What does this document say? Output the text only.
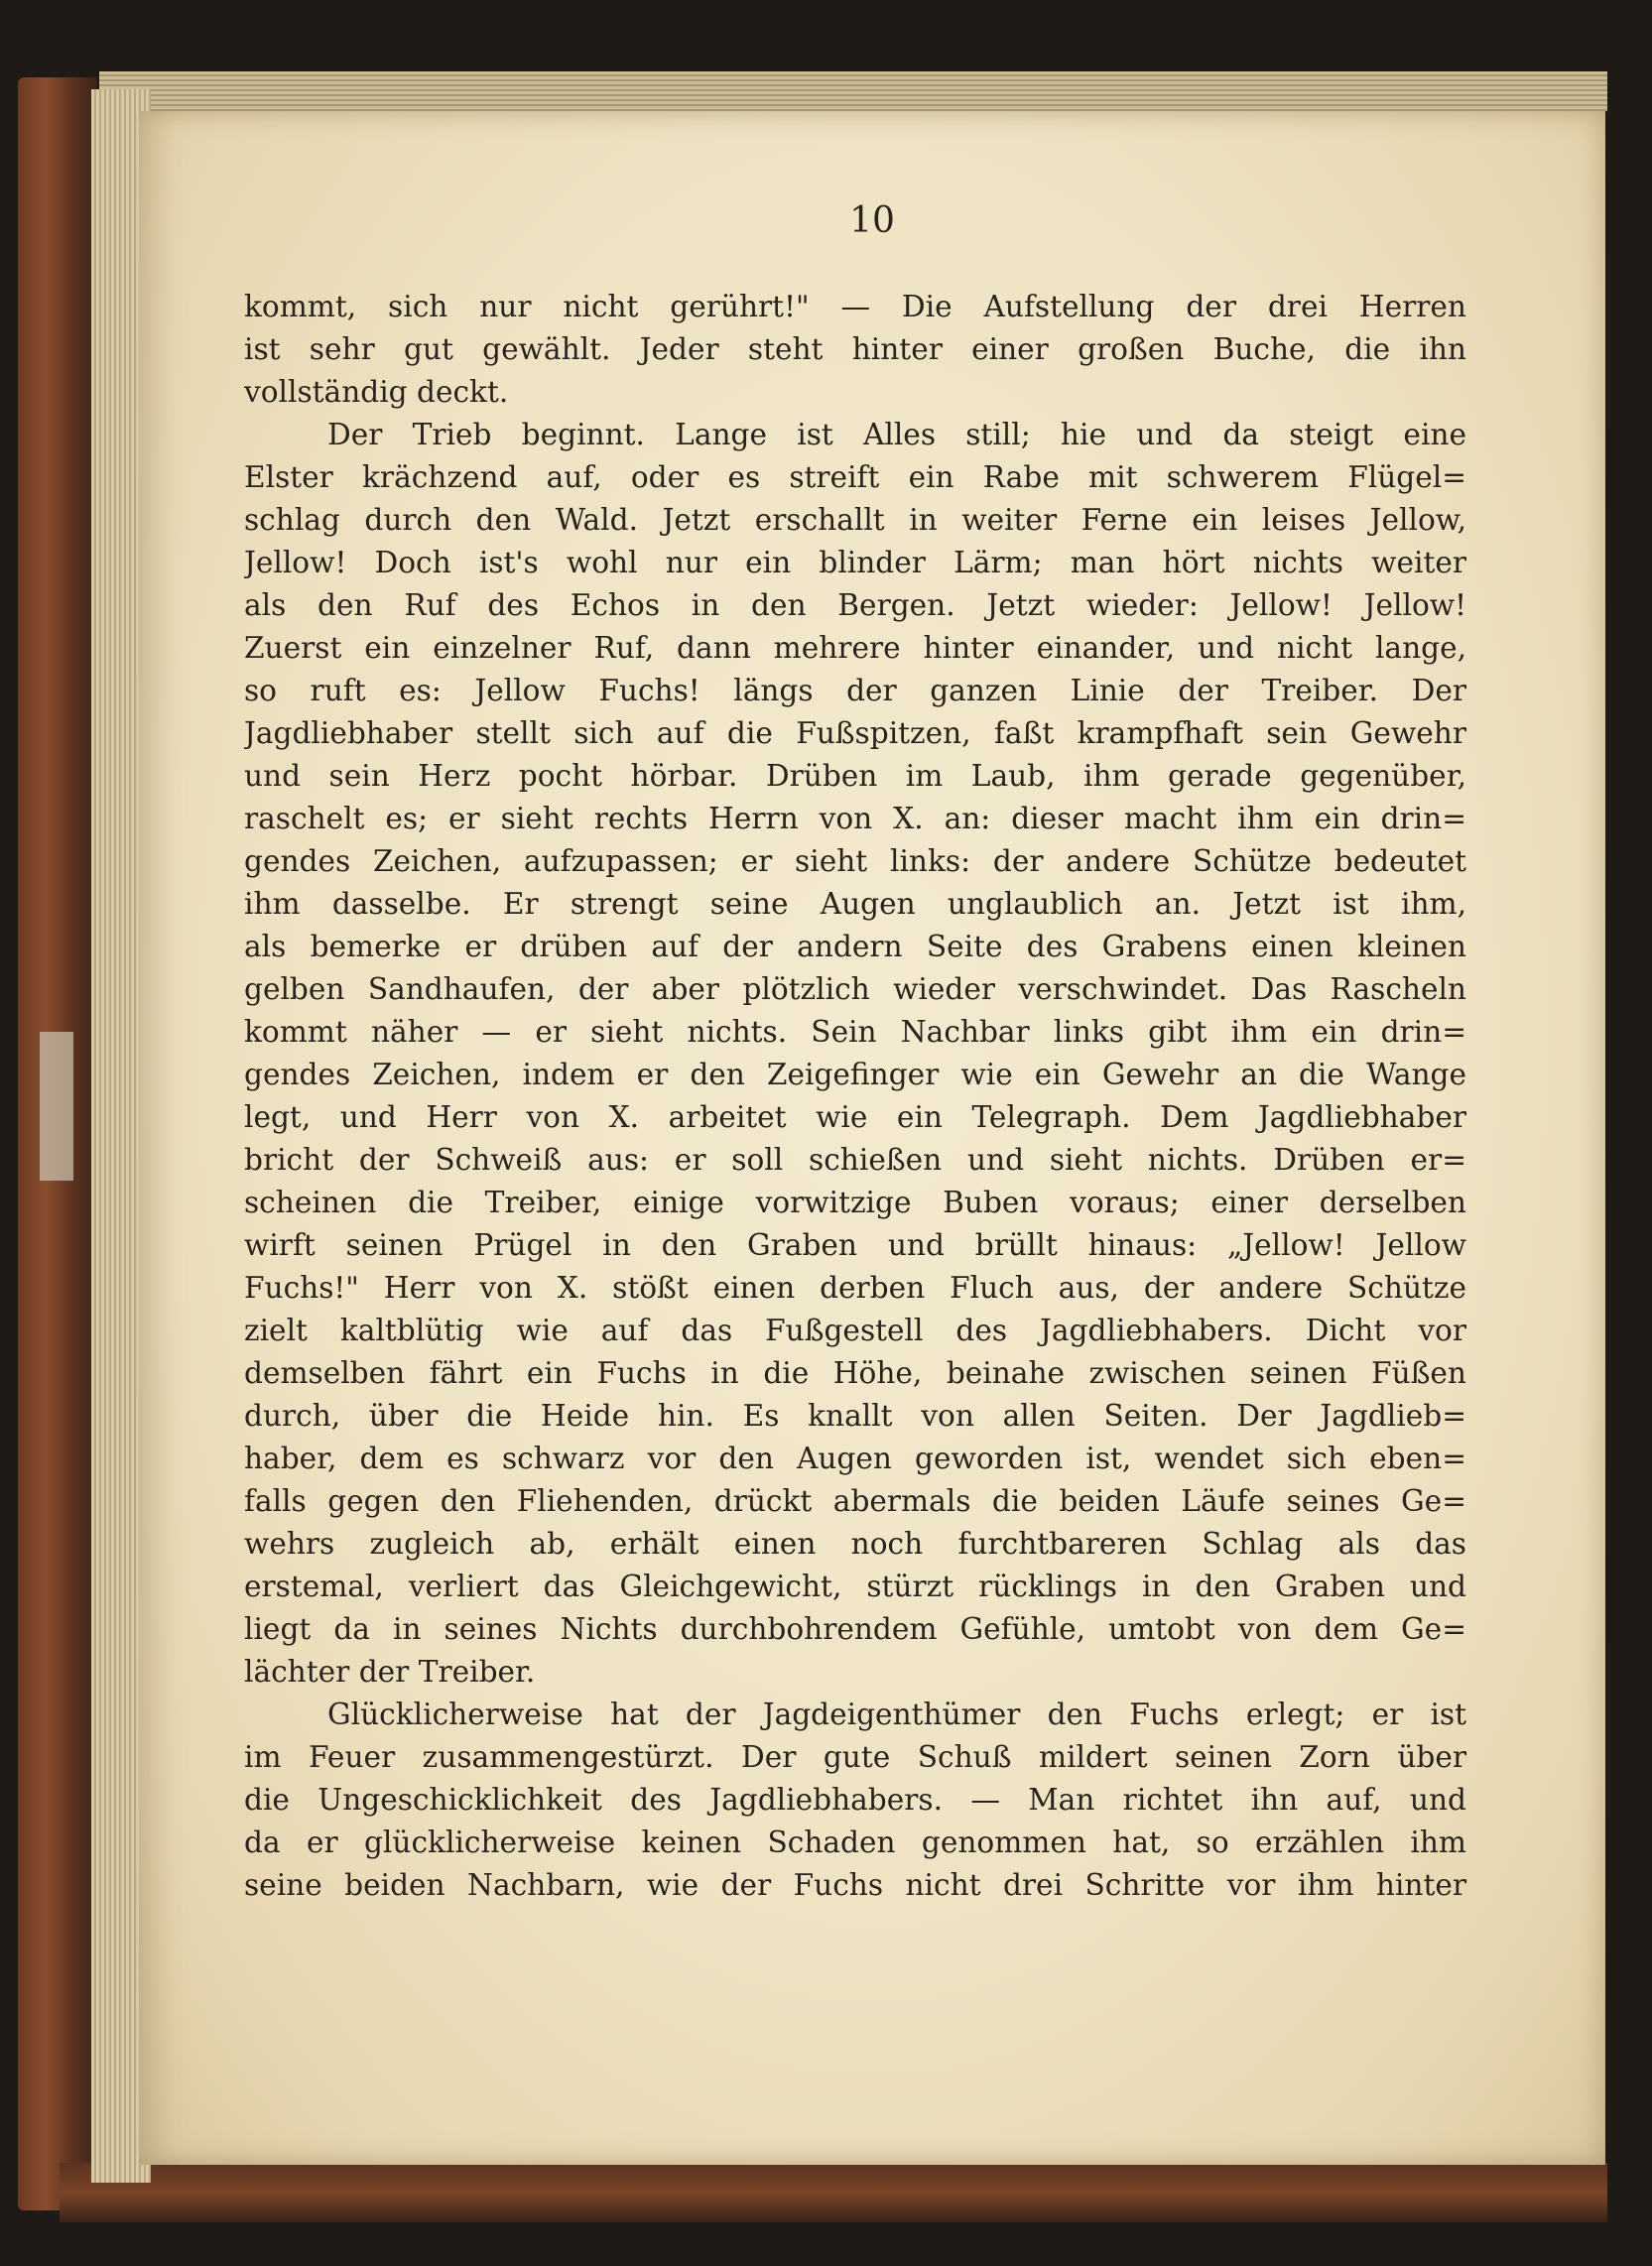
10
kommt, sich nur nicht gerührt!" — Die Aufstellung der drei Herren
ist sehr gut gewählt. Jeder steht hinter einer großen Buche, die ihn
vollständig deckt.
Der Trieb beginnt. Lange ist Alles still; hie und da steigt eine
Elster krächzend auf, oder es streift ein Rabe mit schwerem Flügel=
schlag durch den Wald. Jetzt erschallt in weiter Ferne ein leises Jellow,
Jellow! Doch ist's wohl nur ein blinder Lärm; man hört nichts weiter
als den Ruf des Echos in den Bergen. Jetzt wieder: Jellow! Jellow!
Zuerst ein einzelner Ruf, dann mehrere hinter einander, und nicht lange,
so ruft es: Jellow Fuchs! längs der ganzen Linie der Treiber. Der
Jagdliebhaber stellt sich auf die Fußspitzen, faßt krampfhaft sein Gewehr
und sein Herz pocht hörbar. Drüben im Laub, ihm gerade gegenüber,
raschelt es; er sieht rechts Herrn von X. an: dieser macht ihm ein drin=
gendes Zeichen, aufzupassen; er sieht links: der andere Schütze bedeutet
ihm dasselbe. Er strengt seine Augen unglaublich an. Jetzt ist ihm,
als bemerke er drüben auf der andern Seite des Grabens einen kleinen
gelben Sandhaufen, der aber plötzlich wieder verschwindet. Das Rascheln
kommt näher — er sieht nichts. Sein Nachbar links gibt ihm ein drin=
gendes Zeichen, indem er den Zeigefinger wie ein Gewehr an die Wange
legt, und Herr von X. arbeitet wie ein Telegraph. Dem Jagdliebhaber
bricht der Schweiß aus: er soll schießen und sieht nichts. Drüben er=
scheinen die Treiber, einige vorwitzige Buben voraus; einer derselben
wirft seinen Prügel in den Graben und brüllt hinaus: „Jellow! Jellow
Fuchs!" Herr von X. stößt einen derben Fluch aus, der andere Schütze
zielt kaltblütig wie auf das Fußgestell des Jagdliebhabers. Dicht vor
demselben fährt ein Fuchs in die Höhe, beinahe zwischen seinen Füßen
durch, über die Heide hin. Es knallt von allen Seiten. Der Jagdlieb=
haber, dem es schwarz vor den Augen geworden ist, wendet sich eben=
falls gegen den Fliehenden, drückt abermals die beiden Läufe seines Ge=
wehrs zugleich ab, erhält einen noch furchtbareren Schlag als das
erstemal, verliert das Gleichgewicht, stürzt rücklings in den Graben und
liegt da in seines Nichts durchbohrendem Gefühle, umtobt von dem Ge=
lächter der Treiber.
Glücklicherweise hat der Jagdeigenthümer den Fuchs erlegt; er ist
im Feuer zusammengestürzt. Der gute Schuß mildert seinen Zorn über
die Ungeschicklichkeit des Jagdliebhabers. — Man richtet ihn auf, und
da er glücklicherweise keinen Schaden genommen hat, so erzählen ihm
seine beiden Nachbarn, wie der Fuchs nicht drei Schritte vor ihm hinter
